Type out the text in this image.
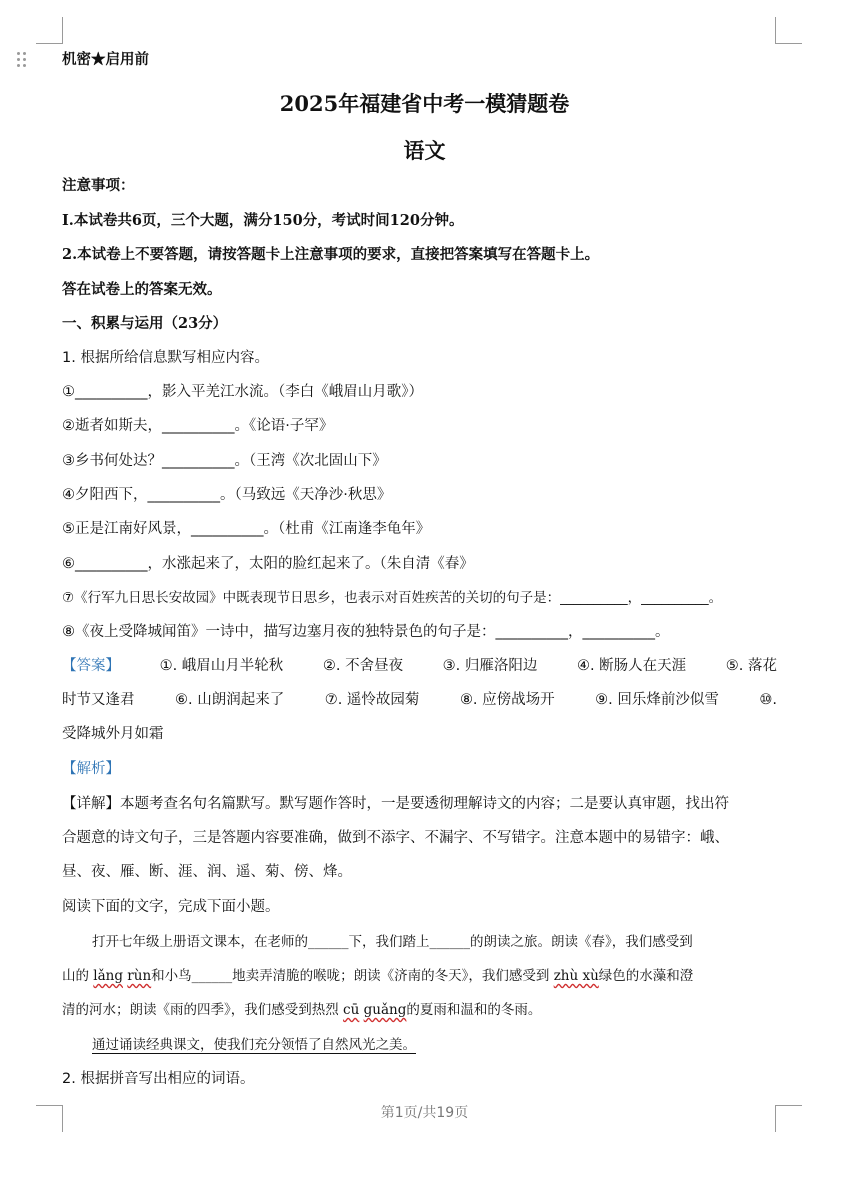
机密★启用前
2025年福建省中考一模猜题卷
语文
注意事项：
I.本试卷共6页，三个大题，满分150分，考试时间120分钟。
2.本试卷上不要答题，请按答题卡上注意事项的要求，直接把答案填写在答题卡上。
答在试卷上的答案无效。
一、积累与运用（23分）
1. 根据所给信息默写相应内容。
①__________，影入平羌江水流。（李白《峨眉山月歌》）
②逝者如斯夫，__________。《论语·子罕》
③乡书何处达？__________。（王湾《次北固山下》
④夕阳西下，__________。（马致远《天净沙·秋思》
⑤正是江南好风景，__________。（杜甫《江南逢李龟年》
⑥__________，水涨起来了，太阳的脸红起来了。（朱自清《春》
⑦《行军九日思长安故园》中既表现节日思乡，也表示对百姓疾苦的关切的句子是：__________，__________。
⑧《夜上受降城闻笛》一诗中，描写边塞月夜的独特景色的句子是：__________，__________。
【答案】	①. 峨眉山月半轮秋	②. 不舍昼夜	③. 归雁洛阳边	④. 断肠人在天涯	⑤. 落花
时节又逢君	⑥. 山朗润起来了	⑦. 遥怜故园菊	⑧. 应傍战场开	⑨. 回乐烽前沙似雪	⑩.
受降城外月如霜
【解析】
【详解】本题考查名句名篇默写。默写题作答时，一是要透彻理解诗文的内容；二是要认真审题，找出符
合题意的诗文句子，三是答题内容要准确，做到不添字、不漏字、不写错字。注意本题中的易错字：峨、
昼、夜、雁、断、涯、润、遥、菊、傍、烽。
阅读下面的文字，完成下面小题。
打开七年级上册语文课本，在老师的______下，我们踏上______的朗读之旅。朗读《春》，我们感受到
山的 lǎng rùn和小鸟______地卖弄清脆的喉咙；朗读《济南的冬天》，我们感受到 zhù xù绿色的水藻和澄
清的河水；朗读《雨的四季》，我们感受到热烈 cū guǎng的夏雨和温和的冬雨。
通过诵读经典课文，使我们充分领悟了自然风光之美。
2. 根据拼音写出相应的词语。
第1页/共19页
